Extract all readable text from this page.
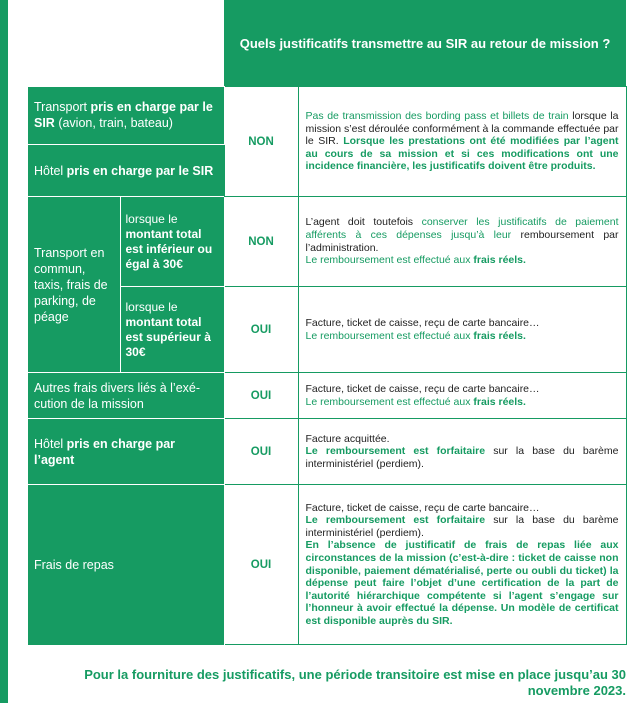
		Quels justificatifs transmettre au SIR au retour de mission ?	
Transport pris en charge par le SIR (avion, train, bateau)		NON	Pas de transmission des bording pass et billets de train lorsque la mission s’est déroulée conformément à la commande effectuée par le SIR. Lorsque les prestations ont été modifiées par l’agent au cours de sa mission et si ces modifications ont une incidence financière, les justificatifs doivent être produits.
Hôtel pris en charge par le SIR			
Transport en commun, taxis, frais de parking, de péage	lorsque le montant total est inférieur ou égal à 30€	NON	L’agent doit toutefois conserver les justificatifs de paiement afférents à ces dépenses jusqu’à leur remboursement par l’administration.
Le remboursement est effectué aux frais réels.

	lorsque le montant total est supérieur à 30€	OUI	Facture, ticket de caisse, reçu de carte bancaire…
Le remboursement est effectué aux frais réels.

Autres frais divers liés à l’exé-cution de la mission		OUI	Facture, ticket de caisse, reçu de carte bancaire…
Le remboursement est effectué aux frais réels.

Hôtel pris en charge par l’agent		OUI	Facture acquittée.
Le remboursement est forfaitaire sur la base du barème interministériel (perdiem).

Frais de repas		OUI	Facture, ticket de caisse, reçu de carte bancaire…
Le remboursement est forfaitaire sur la base du barème interministériel (perdiem).
En l’absence de justificatif de frais de repas liée aux circonstances de la mission (c’est-à-dire : ticket de caisse non disponible, paiement dématérialisé, perte ou oubli du ticket) la dépense peut faire l’objet d’une certification de la part de l’autorité hiérarchique compétente si l’agent s’engage sur l’honneur à avoir effectué la dépense. Un modèle de certificat est disponible auprès du SIR.
Pour la fourniture des justificatifs, une période transitoire est mise en place jusqu’au 30 novembre 2023.
